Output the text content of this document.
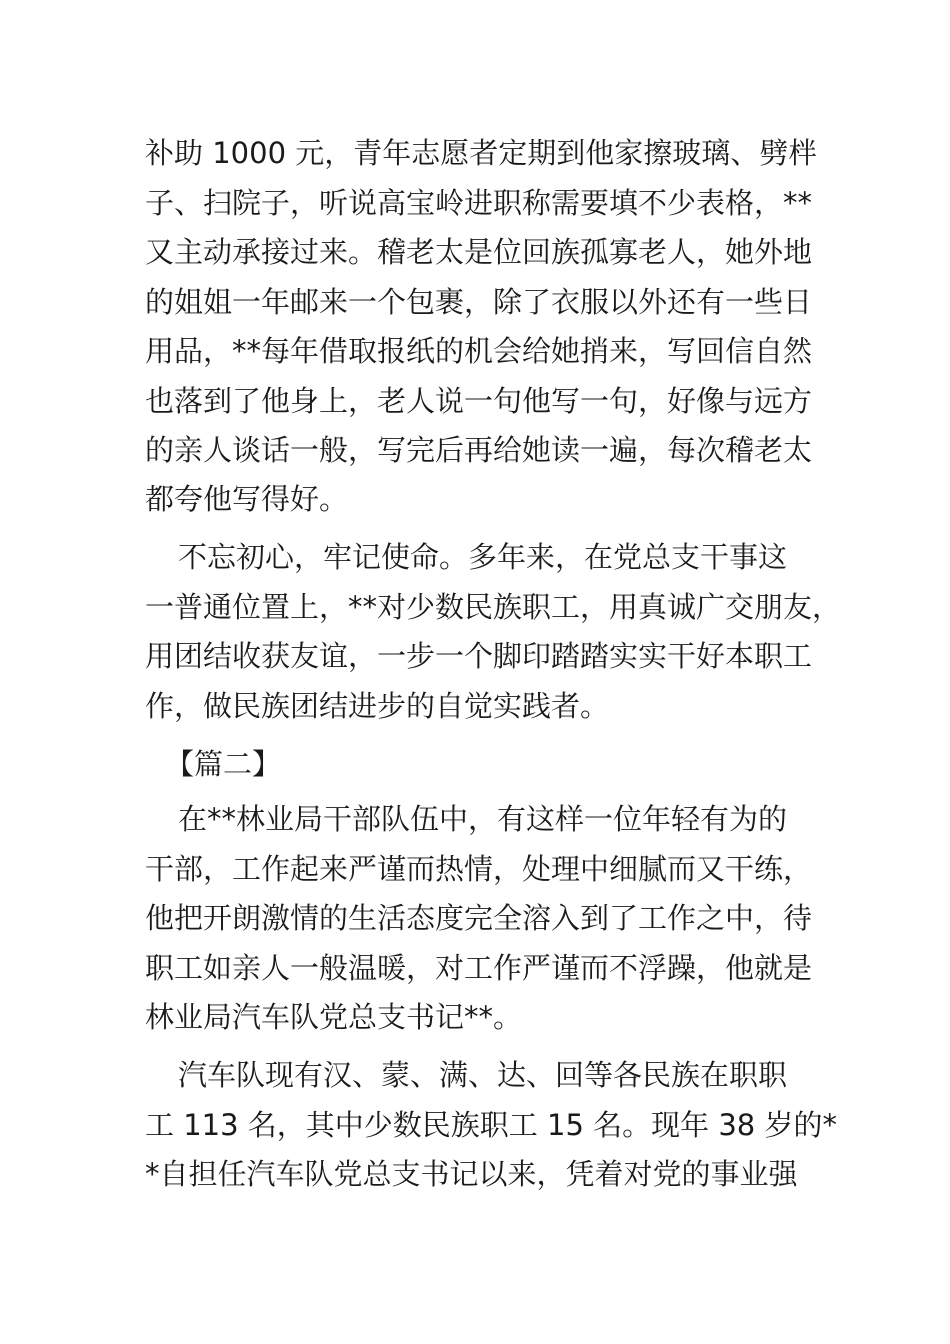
补助 1000 元，青年志愿者定期到他家擦玻璃、劈柈
子、扫院子，听说高宝岭进职称需要填不少表格，**
又主动承接过来。稽老太是位回族孤寡老人，她外地
的姐姐一年邮来一个包裹，除了衣服以外还有一些日
用品，**每年借取报纸的机会给她捎来，写回信自然
也落到了他身上，老人说一句他写一句，好像与远方
的亲人谈话一般，写完后再给她读一遍，每次稽老太
都夸他写得好。
不忘初心，牢记使命。多年来，在党总支干事这
一普通位置上，**对少数民族职工，用真诚广交朋友，
用团结收获友谊，一步一个脚印踏踏实实干好本职工
作，做民族团结进步的自觉实践者。
【篇二】
在**林业局干部队伍中，有这样一位年轻有为的
干部，工作起来严谨而热情，处理中细腻而又干练，
他把开朗激情的生活态度完全溶入到了工作之中，待
职工如亲人一般温暖，对工作严谨而不浮躁，他就是
林业局汽车队党总支书记**。
汽车队现有汉、蒙、满、达、回等各民族在职职
工 113 名，其中少数民族职工 15 名。现年 38 岁的*
*自担任汽车队党总支书记以来，凭着对党的事业强
